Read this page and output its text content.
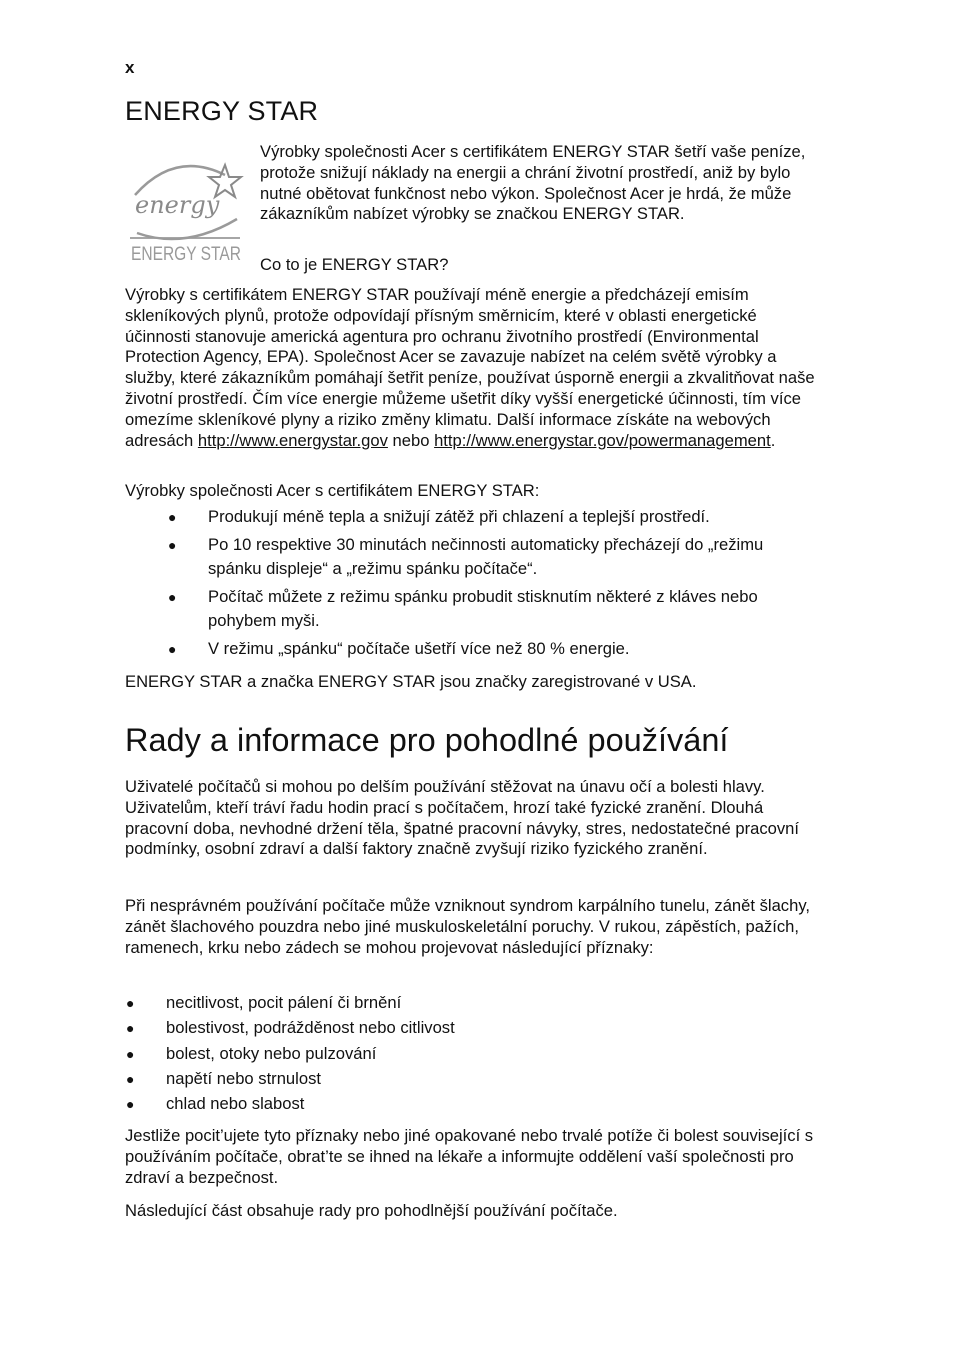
x
ENERGY STAR
energy
ENERGY STAR

Výrobky společnosti Acer s certifikátem ENERGY STAR šetří vaše peníze, protože snižují náklady na energii a chrání životní prostředí, aniž by bylo nutné obětovat funkčnost nebo výkon. Společnost Acer je hrdá, že může zákazníkům nabízet výrobky se značkou ENERGY STAR.

Co to je ENERGY STAR?

Výrobky s certifikátem ENERGY STAR používají méně energie a předcházejí emisím skleníkových plynů, protože odpovídají přísným směrnicím, které v oblasti energetické účinnosti stanovuje americká agentura pro ochranu životního prostředí (Environmental Protection Agency, EPA). Společnost Acer se zavazuje nabízet na celém světě výrobky a služby, které zákazníkům pomáhají šetřit peníze, používat úsporně energii a zkvalitňovat naše životní prostředí. Čím více energie můžeme ušetřit díky vyšší energetické účinnosti, tím více omezíme skleníkové plyny a riziko změny klimatu. Další informace získáte na webových adresách http://www.energystar.gov nebo http://www.energystar.gov/powermanagement.

Výrobky společnosti Acer s certifikátem ENERGY STAR:

● Produkují méně tepla a snižují zátěž při chlazení a teplejší prostředí.
● Po 10 respektive 30 minutách nečinnosti automaticky přecházejí do „režimu spánku displeje“ a „režimu spánku počítače“.
● Počítač můžete z režimu spánku probudit stisknutím některé z kláves nebo pohybem myši.
● V režimu „spánku“ počítače ušetří více než 80 % energie.

ENERGY STAR a značka ENERGY STAR jsou značky zaregistrované v USA.

Rady a informace pro pohodlné používání

Uživatelé počítačů si mohou po delším používání stěžovat na únavu očí a bolesti hlavy. Uživatelům, kteří tráví řadu hodin prací s počítačem, hrozí také fyzické zranění. Dlouhá pracovní doba, nevhodné držení těla, špatné pracovní návyky, stres, nedostatečné pracovní podmínky, osobní zdraví a další faktory značně zvyšují riziko fyzického zranění.

Při nesprávném používání počítače může vzniknout syndrom karpálního tunelu, zánět šlachy, zánět šlachového pouzdra nebo jiné muskuloskeletální poruchy. V rukou, zápěstích, pažích, ramenech, krku nebo zádech se mohou projevovat následující příznaky:

● necitlivost, pocit pálení či brnění
● bolestivost, podrážděnost nebo citlivost
● bolest, otoky nebo pulzování
● napětí nebo strnulost
● chlad nebo slabost

Jestliže pocit’ujete tyto příznaky nebo jiné opakované nebo trvalé potíže či bolest související s používáním počítače, obrat’te se ihned na lékaře a informujte oddělení vaší společnosti pro zdraví a bezpečnost.

Následující část obsahuje rady pro pohodlnější používání počítače.
